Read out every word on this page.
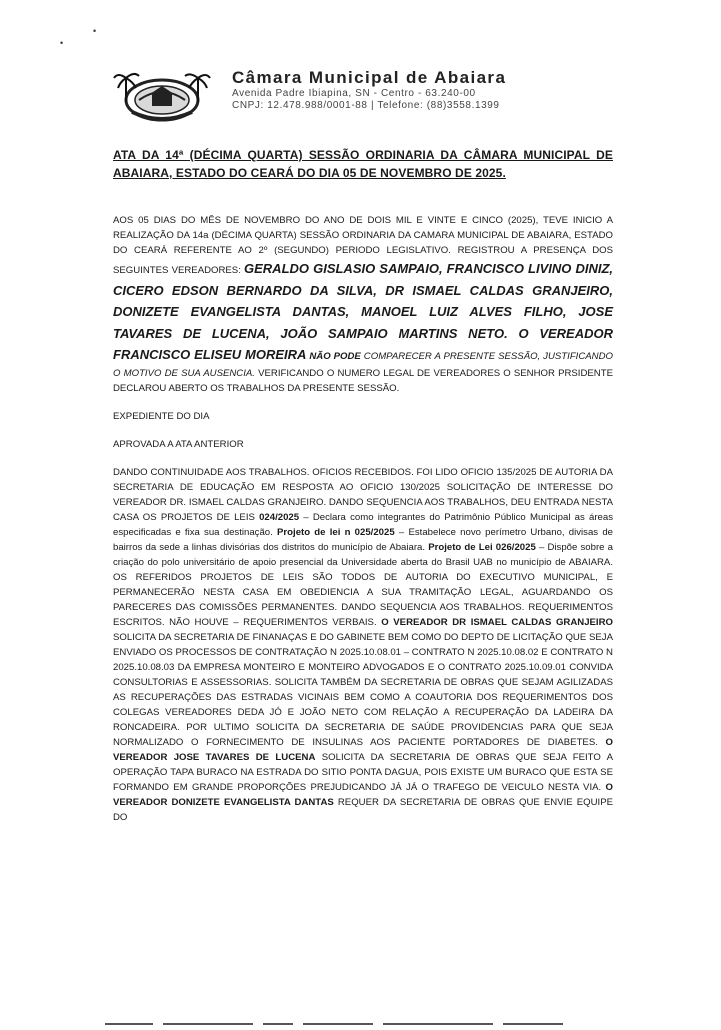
•
•
Câmara Municipal de Abaiara
Avenida Padre Ibiapina, SN - Centro - 63.240-00
CNPJ: 12.478.988/0001-88 | Telefone: (88)3558.1399
ATA DA 14ª (DÉCIMA QUARTA) SESSÃO ORDINARIA DA CÂMARA MUNICIPAL DE ABAIARA, ESTADO DO CEARÁ DO DIA 05 DE NOVEMBRO DE 2025.

AOS 05 DIAS DO MÊS DE NOVEMBRO DO ANO DE DOIS MIL E VINTE E CINCO (2025), TEVE INICIO A REALIZAÇÃO DA 14a (DÉCIMA QUARTA) SESSÃO ORDINARIA DA CAMARA MUNICIPAL DE ABAIARA, ESTADO DO CEARÁ REFERENTE AO 2º (SEGUNDO) PERIODO LEGISLATIVO. REGISTROU A PRESENÇA DOS SEGUINTES VEREADORES: GERALDO GISLASIO SAMPAIO, FRANCISCO LIVINO DINIZ, CICERO EDSON BERNARDO DA SILVA, DR ISMAEL CALDAS GRANJEIRO, DONIZETE EVANGELISTA DANTAS, MANOEL LUIZ ALVES FILHO, JOSE TAVARES DE LUCENA, JOÃO SAMPAIO MARTINS NETO. O VEREADOR FRANCISCO ELISEU MOREIRA NÃO PODE COMPARECER A PRESENTE SESSÃO, JUSTIFICANDO O MOTIVO DE SUA AUSENCIA. VERIFICANDO O NUMERO LEGAL DE VEREADORES O SENHOR PRSIDENTE DECLAROU ABERTO OS TRABALHOS DA PRESENTE SESSÃO.

EXPEDIENTE DO DIA

APROVADA A ATA ANTERIOR

DANDO CONTINUIDADE AOS TRABALHOS. OFICIOS RECEBIDOS. FOI LIDO OFICIO 135/2025 DE AUTORIA DA SECRETARIA DE EDUCAÇÃO EM RESPOSTA AO OFICIO 130/2025 SOLICITAÇÃO DE INTERESSE DO VEREADOR DR. ISMAEL CALDAS GRANJEIRO. DANDO SEQUENCIA AOS TRABALHOS, DEU ENTRADA NESTA CASA OS PROJETOS DE LEIS 024/2025 – Declara como integrantes do Patrimônio Público Municipal as áreas especificadas e fixa sua destinação. Projeto de lei n 025/2025 – Estabelece novo perímetro Urbano, divisas de bairros da sede a linhas divisórias dos distritos do município de Abaiara. Projeto de Lei 026/2025 – Dispõe sobre a criação do polo universitário de apoio presencial da Universidade aberta do Brasil UAB no município de ABAIARA. OS REFERIDOS PROJETOS DE LEIS SÃO TODOS DE AUTORIA DO EXECUTIVO MUNICIPAL, E PERMANECERÃO NESTA CASA EM OBEDIENCIA A SUA TRAMITAÇÃO LEGAL, AGUARDANDO OS PARECERES DAS COMISSÕES PERMANENTES. DANDO SEQUENCIA AOS TRABALHOS. REQUERIMENTOS ESCRITOS. NÃO HOUVE – REQUERIMENTOS VERBAIS. O VEREADOR DR ISMAEL CALDAS GRANJEIRO SOLICITA DA SECRETARIA DE FINANAÇAS E DO GABINETE BEM COMO DO DEPTO DE LICITAÇÃO QUE SEJA ENVIADO OS PROCESSOS DE CONTRATAÇÃO N 2025.10.08.01 – CONTRATO N 2025.10.08.02 E CONTRATO N 2025.10.08.03 DA EMPRESA MONTEIRO E MONTEIRO ADVOGADOS E O CONTRATO 2025.10.09.01 CONVIDA CONSULTORIAS E ASSESSORIAS. SOLICITA TAMBÉM DA SECRETARIA DE OBRAS QUE SEJAM AGILIZADAS AS RECUPERAÇÕES DAS ESTRADAS VICINAIS BEM COMO A COAUTORIA DOS REQUERIMENTOS DOS COLEGAS VEREADORES DEDA JÓ E JOÃO NETO COM RELAÇÃO A RECUPERAÇÃO DA LADEIRA DA RONCADEIRA. POR ULTIMO SOLICITA DA SECRETARIA DE SAÚDE PROVIDENCIAS PARA QUE SEJA NORMALIZADO O FORNECIMENTO DE INSULINAS AOS PACIENTE PORTADORES DE DIABETES. O VEREADOR JOSE TAVARES DE LUCENA SOLICITA DA SECRETARIA DE OBRAS QUE SEJA FEITO A OPERAÇÃO TAPA BURACO NA ESTRADA DO SITIO PONTA DAGUA, POIS EXISTE UM BURACO QUE ESTA SE FORMANDO EM GRANDE PROPORÇÕES PREJUDICANDO JÁ JÁ O TRAFEGO DE VEICULO NESTA VIA. O VEREADOR DONIZETE EVANGELISTA DANTAS REQUER DA SECRETARIA DE OBRAS QUE ENVIE EQUIPE DO
